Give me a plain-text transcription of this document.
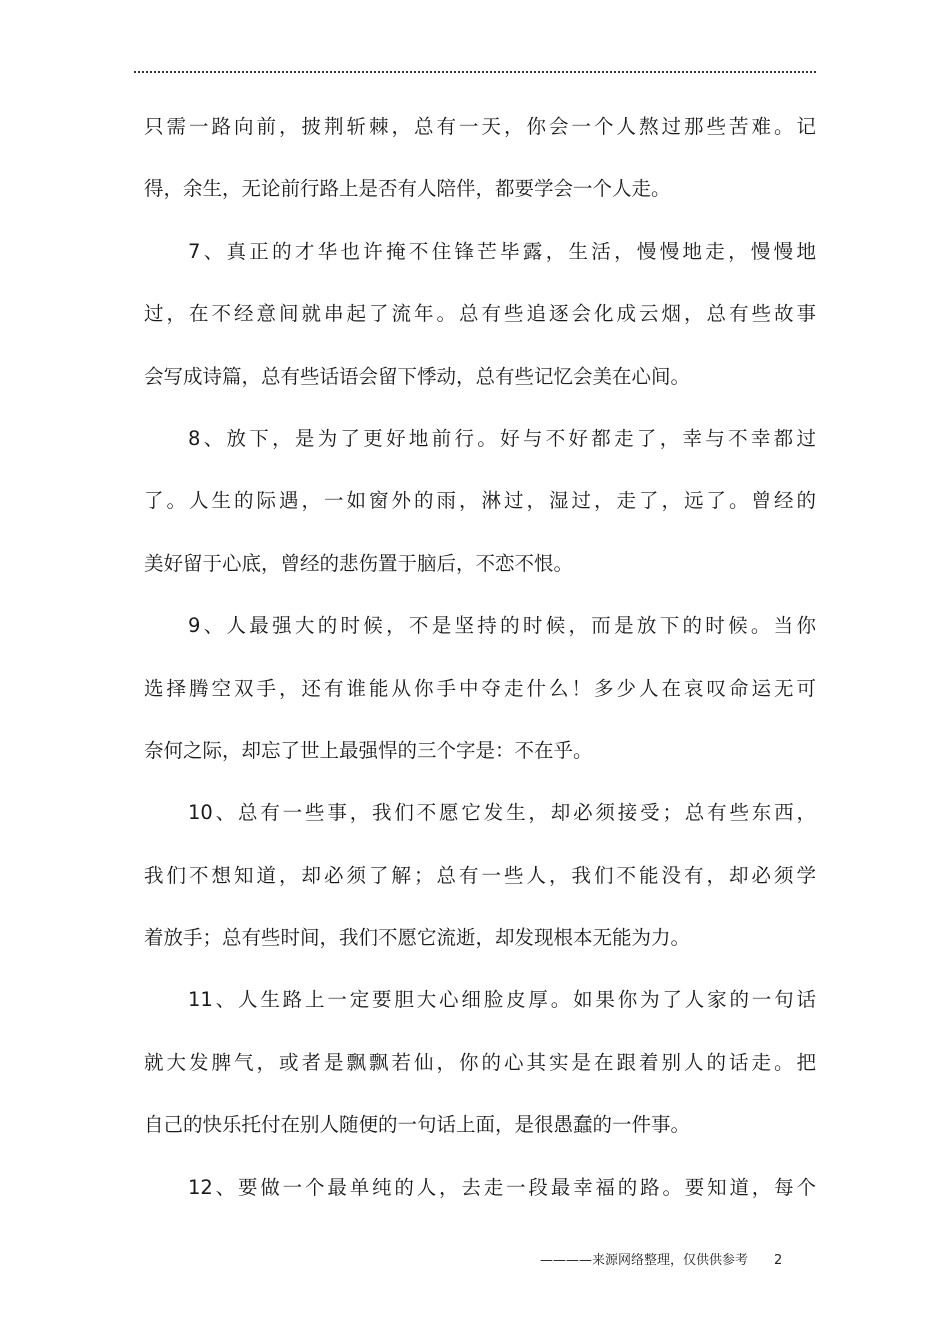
只需一路向前，披荆斩棘，总有一天，你会一个人熬过那些苦难。记
得，余生，无论前行路上是否有人陪伴，都要学会一个人走。
7、真正的才华也许掩不住锋芒毕露，生活，慢慢地走，慢慢地
过，在不经意间就串起了流年。总有些追逐会化成云烟，总有些故事
会写成诗篇，总有些话语会留下悸动，总有些记忆会美在心间。
8、放下，是为了更好地前行。好与不好都走了，幸与不幸都过
了。人生的际遇，一如窗外的雨，淋过，湿过，走了，远了。曾经的
美好留于心底，曾经的悲伤置于脑后，不恋不恨。
9、人最强大的时候，不是坚持的时候，而是放下的时候。当你
选择腾空双手，还有谁能从你手中夺走什么！多少人在哀叹命运无可
奈何之际，却忘了世上最强悍的三个字是：不在乎。
10、总有一些事，我们不愿它发生，却必须接受；总有些东西，
我们不想知道，却必须了解；总有一些人，我们不能没有，却必须学
着放手；总有些时间，我们不愿它流逝，却发现根本无能为力。
11、人生路上一定要胆大心细脸皮厚。如果你为了人家的一句话
就大发脾气，或者是飘飘若仙，你的心其实是在跟着别人的话走。把
自己的快乐托付在别人随便的一句话上面，是很愚蠢的一件事。
12、要做一个最单纯的人，去走一段最幸福的路。要知道，每个
————来源网络整理，仅供供参考 2
